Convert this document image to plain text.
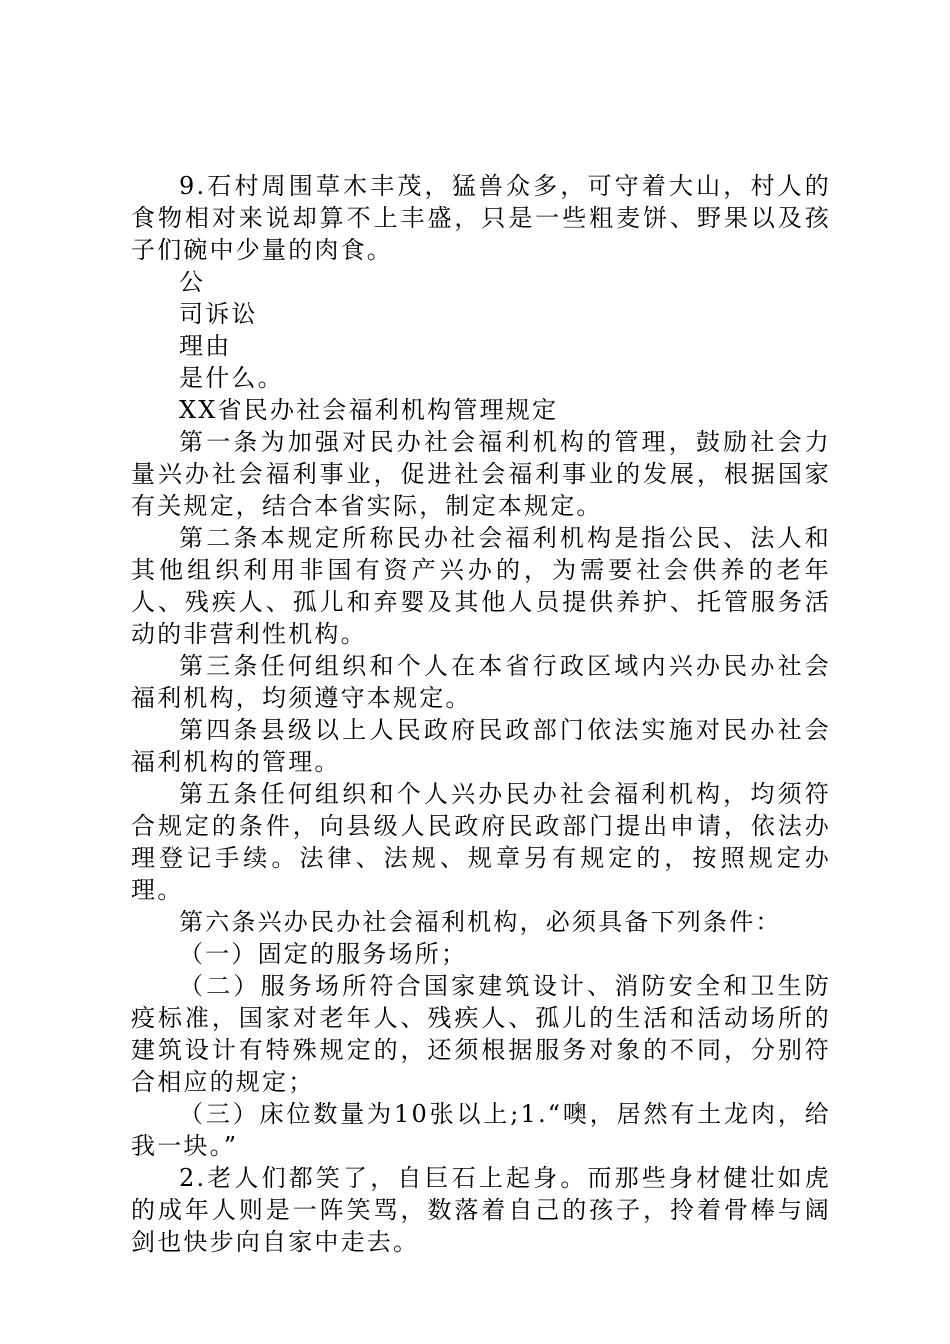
9.石村周围草木丰茂，猛兽众多，可守着大山，村人的食物相对来说却算不上丰盛，只是一些粗麦饼、野果以及孩子们碗中少量的肉食。

公

司诉讼

理由

是什么。

XX省民办社会福利机构管理规定

第一条为加强对民办社会福利机构的管理，鼓励社会力量兴办社会福利事业，促进社会福利事业的发展，根据国家有关规定，结合本省实际，制定本规定。

第二条本规定所称民办社会福利机构是指公民、法人和其他组织利用非国有资产兴办的，为需要社会供养的老年人、残疾人、孤儿和弃婴及其他人员提供养护、托管服务活动的非营利性机构。

第三条任何组织和个人在本省行政区域内兴办民办社会福利机构，均须遵守本规定。

第四条县级以上人民政府民政部门依法实施对民办社会福利机构的管理。

第五条任何组织和个人兴办民办社会福利机构，均须符合规定的条件，向县级人民政府民政部门提出申请，依法办理登记手续。法律、法规、规章另有规定的，按照规定办理。

第六条兴办民办社会福利机构，必须具备下列条件：

（一）固定的服务场所；

（二）服务场所符合国家建筑设计、消防安全和卫生防疫标准，国家对老年人、残疾人、孤儿的生活和活动场所的建筑设计有特殊规定的，还须根据服务对象的不同，分别符合相应的规定；

（三）床位数量为10张以上;1.“噢，居然有土龙肉，给我一块。”

2.老人们都笑了，自巨石上起身。而那些身材健壮如虎的成年人则是一阵笑骂，数落着自己的孩子，拎着骨棒与阔剑也快步向自家中走去。
